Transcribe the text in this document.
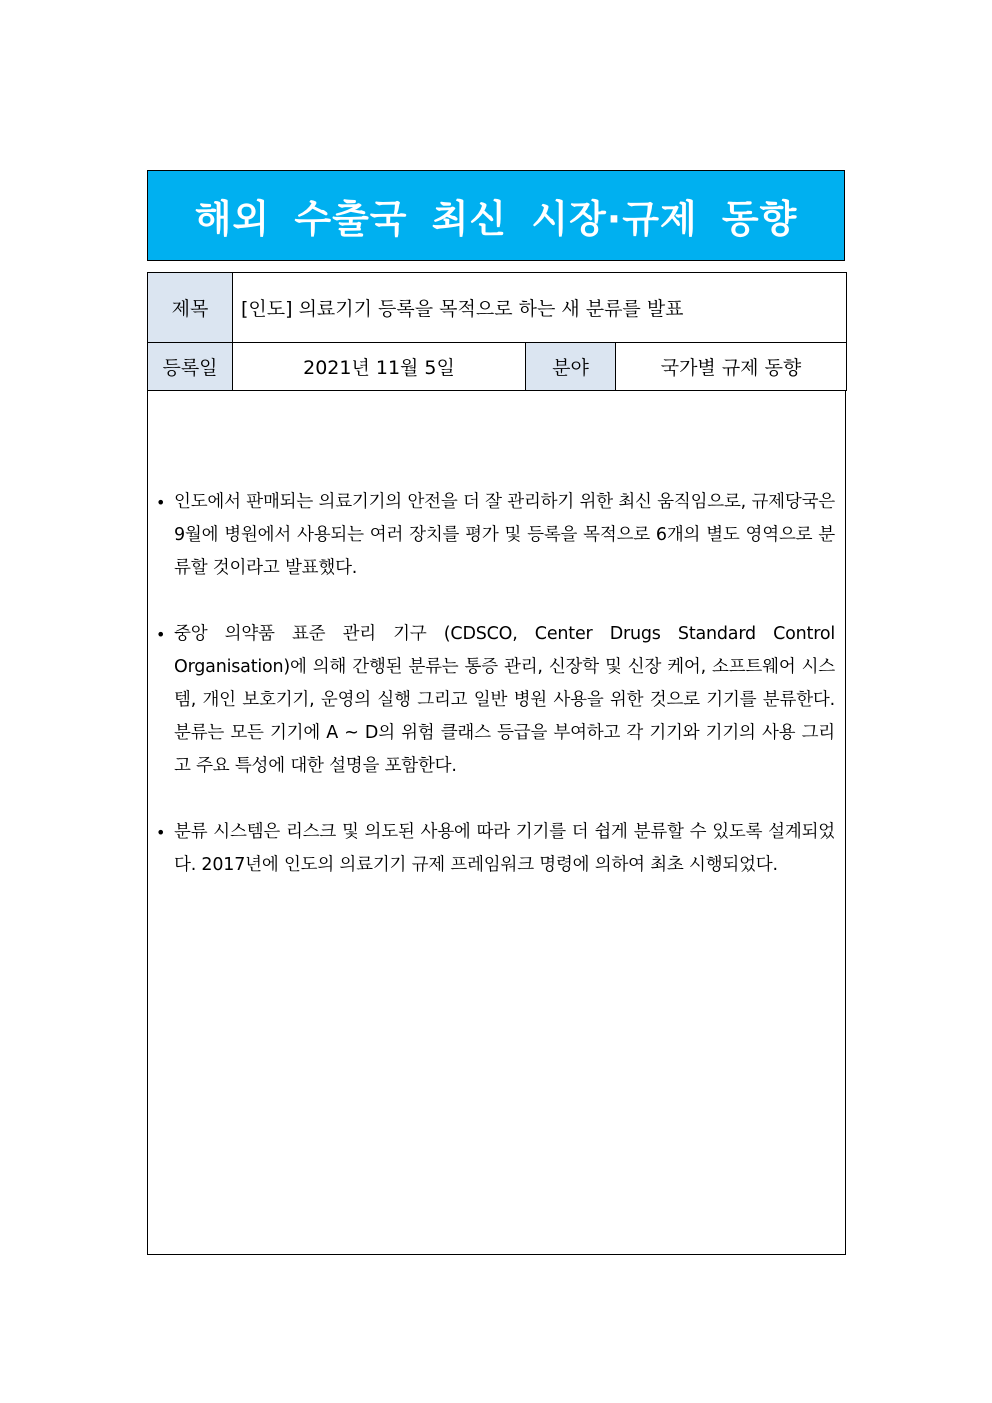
해외 수출국 최신 시장·규제 동향
제목	[인도] 의료기기 등록을 목적으로 하는 새 분류를 발표		
등록일	2021년 11월 5일	분야	국가별 규제 동향
• 인도에서 판매되는 의료기기의 안전을 더 잘 관리하기 위한 최신 움직임으로, 규제당국은 9월에 병원에서 사용되는 여러 장치를 평가 및 등록을 목적으로 6개의 별도 영역으로 분류할 것이라고 발표했다.
• 중앙 의약품 표준 관리 기구 (CDSCO, Center Drugs Standard Control Organisation)에 의해 간행된 분류는 통증 관리, 신장학 및 신장 케어, 소프트웨어 시스템, 개인 보호기기, 운영의 실행 그리고 일반 병원 사용을 위한 것으로 기기를 분류한다. 분류는 모든 기기에 A ~ D의 위험 클래스 등급을 부여하고 각 기기와 기기의 사용 그리고 주요 특성에 대한 설명을 포함한다.
• 분류 시스템은 리스크 및 의도된 사용에 따라 기기를 더 쉽게 분류할 수 있도록 설계되었다. 2017년에 인도의 의료기기 규제 프레임워크 명령에 의하여 최초 시행되었다.
